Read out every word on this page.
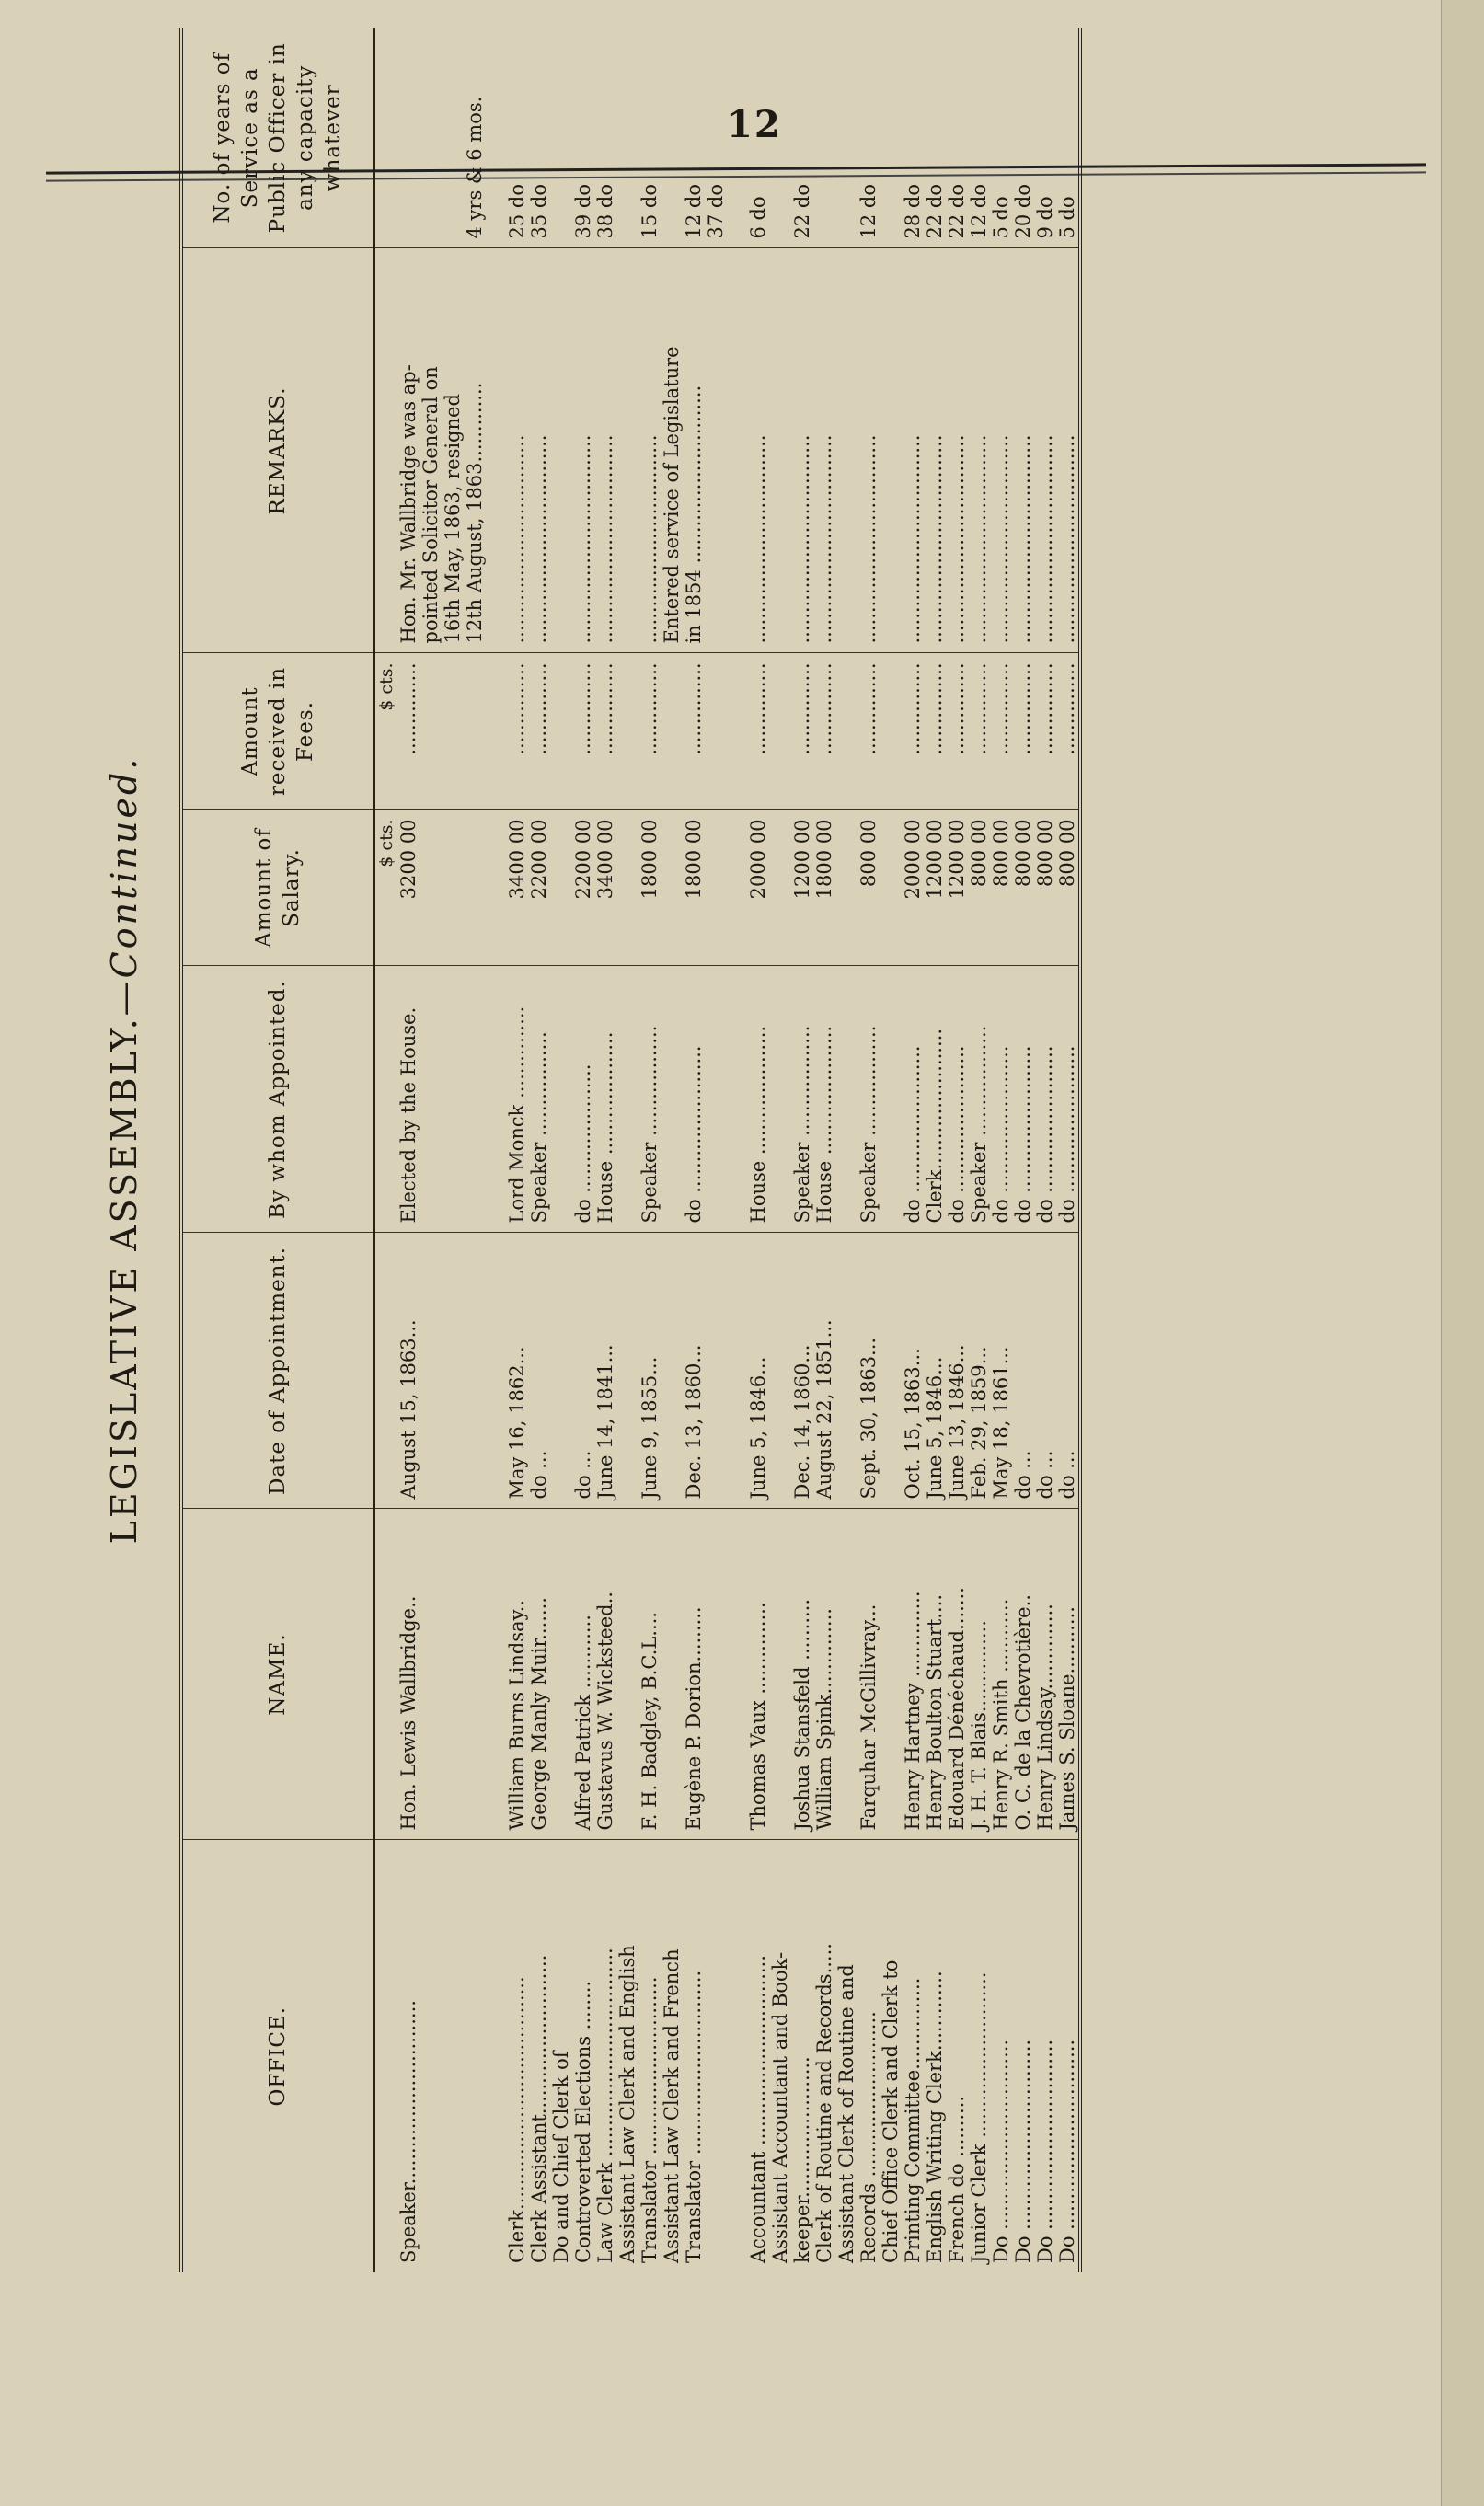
12
LEGISLATIVE ASSEMBLY.—Continued.
OFFICE.	NAME.	Date of Appointment.	By whom Appointed.	Amount of Salary.	Amount received in Fees.	REMARKS.	No. of years of Service as a Public Officer in any capacity whatever
				$ cts.	$ cts.		
Speaker..............................	Hon. Lewis Wallbridge..	August 15, 1863...	Elected by the House.	3200 00	...............	Hon. Mr. Wallbridge was ap-	
						pointed Solicitor General on	
						16th May, 1863, resigned	
						12th August, 1863.............	4 yrs & 6 mos.

Clerk......................................	William Burns Lindsay..	May 16, 1862...	Lord Monck ...............	3400 00	...............	..................................	25 do
Clerk Assistant..........................	George Manly Muir.......	do ...	Speaker .................	2200 00	...............	..................................	35 do
Do and Chief Clerk of							
Controverted Elections ........	Alfred Patrick ............	do ...	do .....................	2200 00	...............	..................................	39 do
Law Clerk ..................................	Gustavus W. Wicksteed..	June 14, 1841...	House ....................	3400 00	...............	..................................	38 do
Assistant Law Clerk and English							
Translator .............................	F. H. Badgley, B.C.L....	June 9, 1855...	Speaker ..................	1800 00	...............	..................................	15 do
Assistant Law Clerk and French						Entered service of Legislature	
Translator ..............................	Eugène P. Dorion.........	Dec. 13, 1860...	do ........................	1800 00	...............	in 1854 .............................	12 do
							37 do

Accountant ...............................	Thomas Vaux ...............	June 5, 1846...	House .....................	2000 00	...............	..................................	6 do
Assistant Accountant and Book-							
keeper.......................	Joshua Stansfeld ..........	Dec. 14, 1860...	Speaker ..................	1200 00	...............	..................................	22 do
Clerk of Routine and Records.....	William Spink..............	August 22, 1851...	House .....................	1800 00	...............	..................................	
Assistant Clerk of Routine and							
Records ...........................	Farquhar McGillivray...	Sept. 30, 1863...	Speaker ..................	800 00	...............	..................................	12 do
Chief Office Clerk and Clerk to							
Printing Committee...............	Henry Hartney ..............	Oct. 15, 1863...	do ........................	2000 00	...............	..................................	28 do
English Writing Clerk.............	Henry Boulton Stuart....	June 5, 1846...	Clerk.......................	1200 00	...............	..................................	22 do
French do ..........	Edouard Dénéchaud.......	June 13, 1846...	do ........................	1200 00	...............	..................................	22 do
Junior Clerk ...........................	J. H. T. Blais...............	Feb. 29, 1859...	Speaker ..................	800 00	...............	..................................	12 do
Do ...............................	Henry R. Smith ............	May 18, 1861...	do ........................	800 00	...............	..................................	5 do
Do ...............................	O. C. de la Chevrotière..	do ...	do ........................	800 00	...............	..................................	20 do
Do ...............................	Henry Lindsay..............	do ...	do ........................	800 00	...............	..................................	9 do
Do ...............................	James S. Sloane...........	do ...	do ........................	800 00	...............	..................................	5 do
